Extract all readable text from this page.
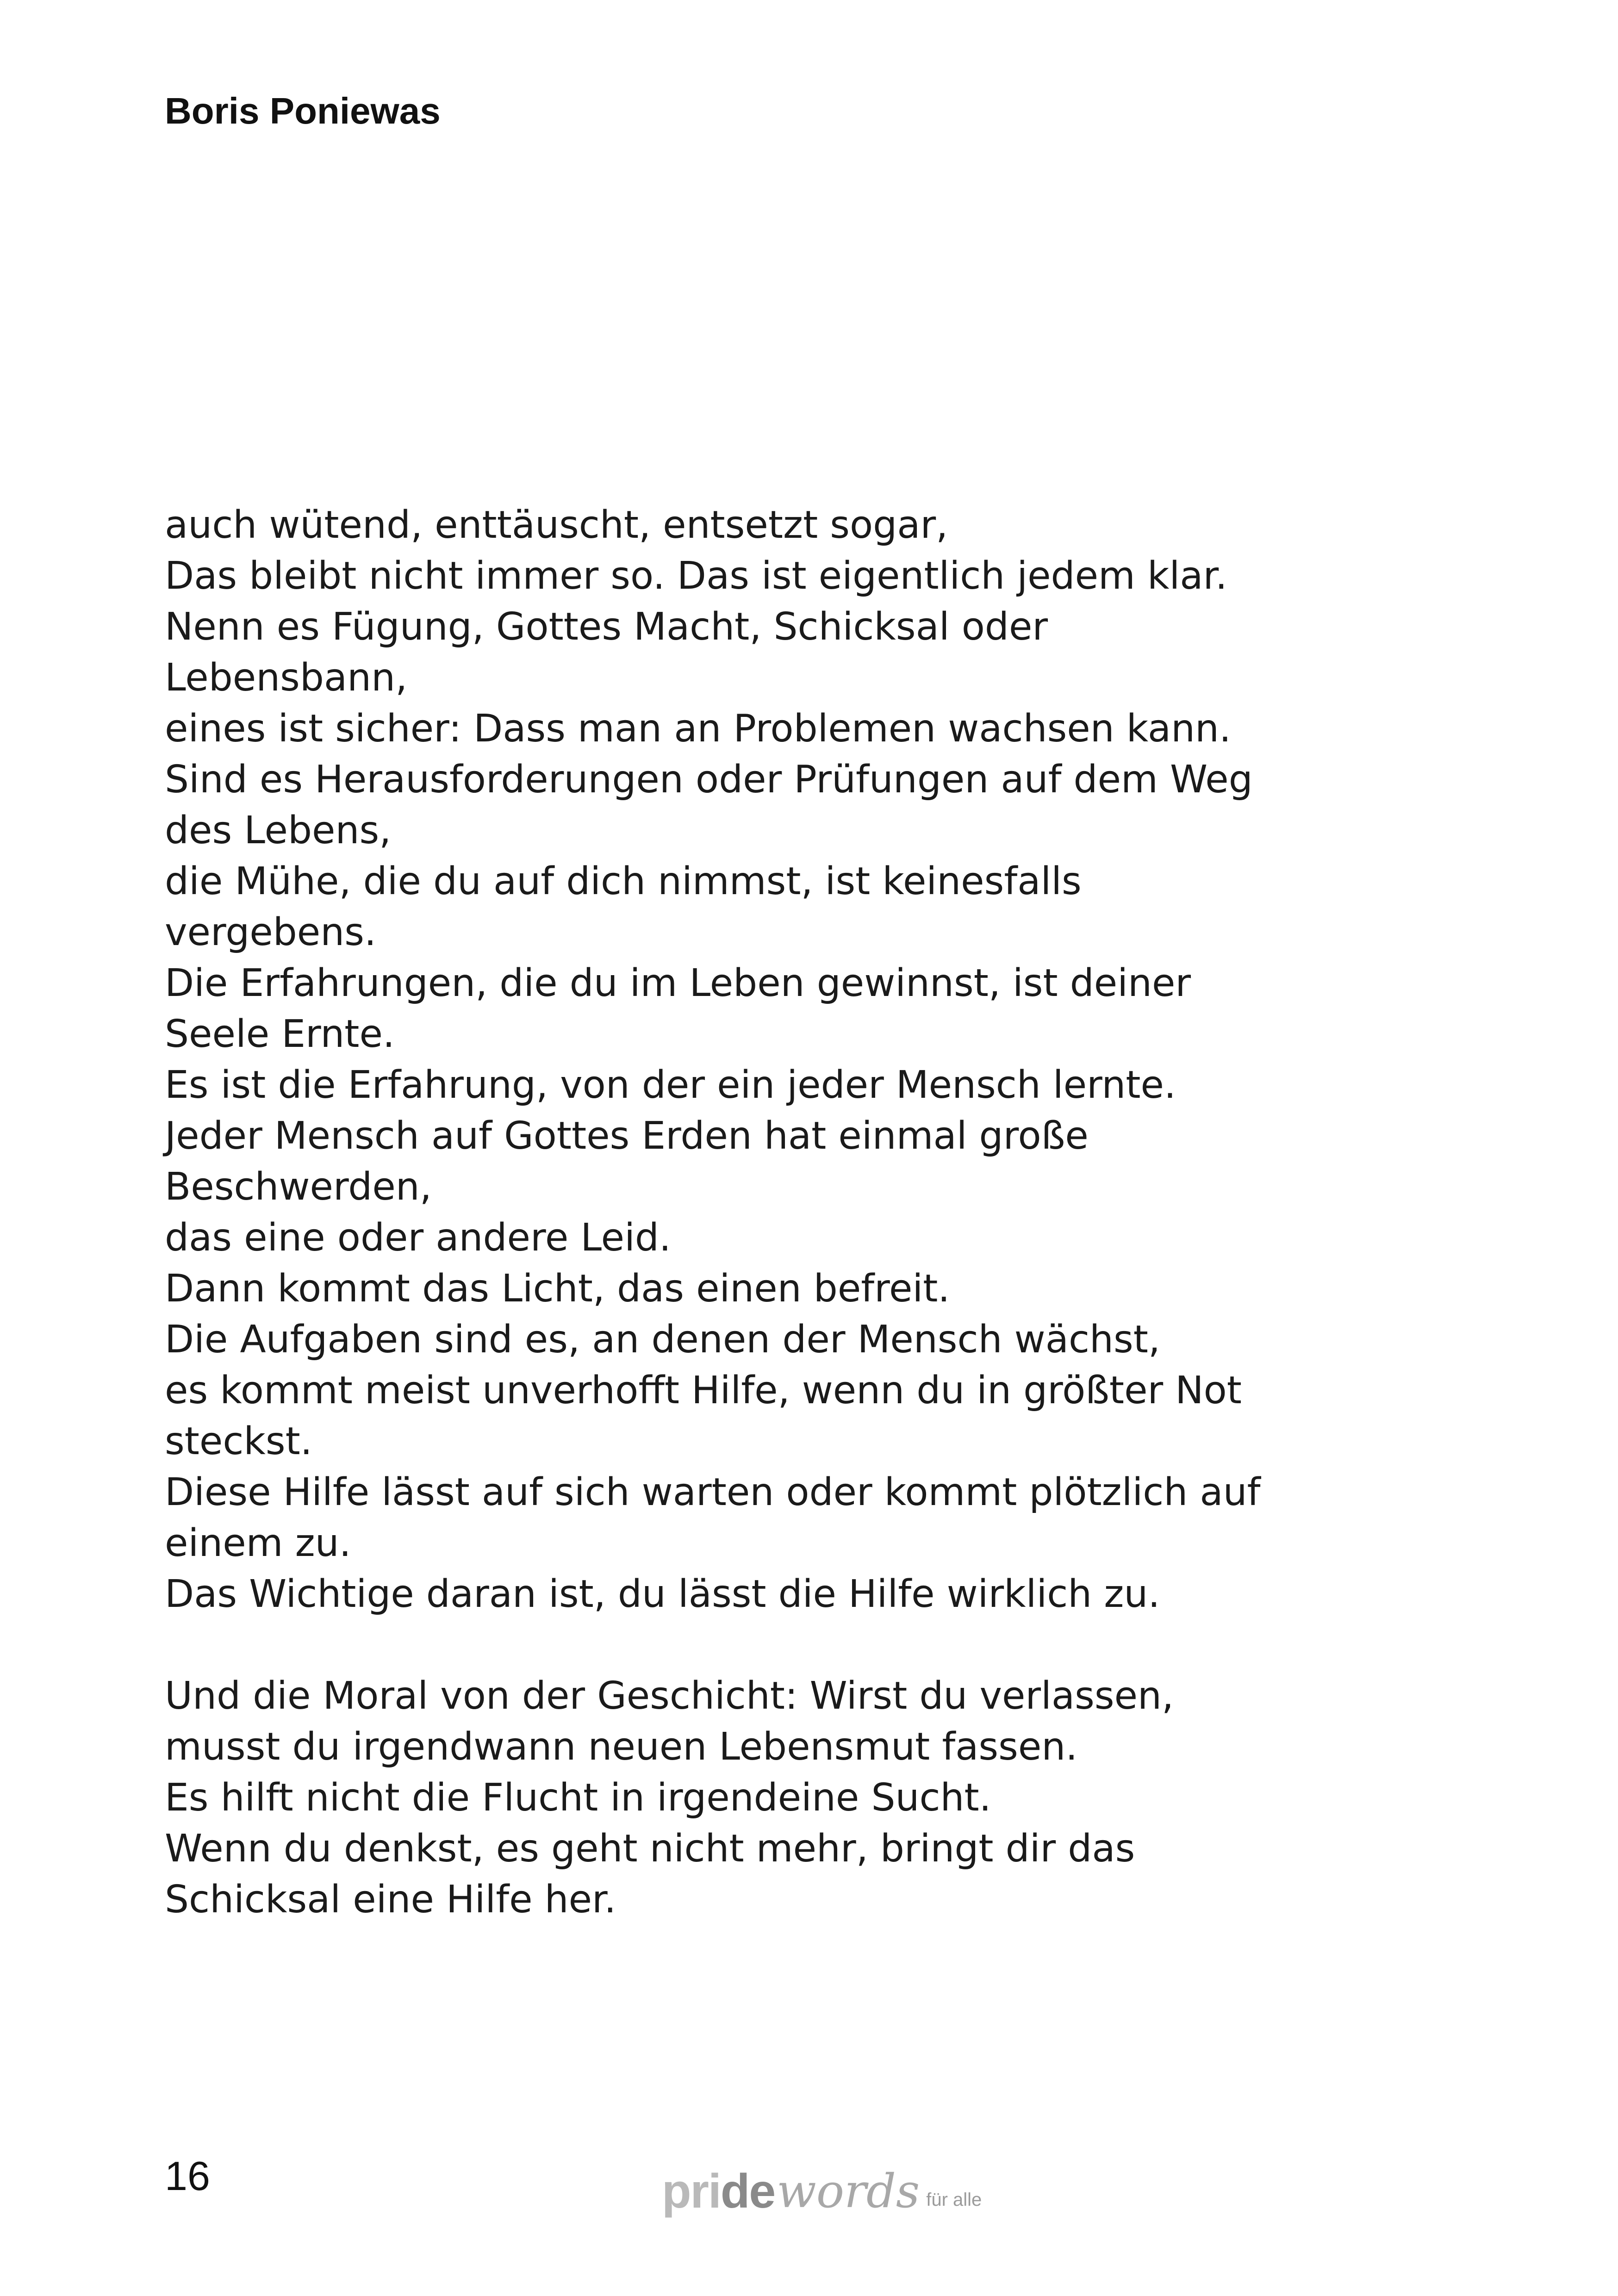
Boris Poniewas
auch wütend, enttäuscht, entsetzt sogar,
Das bleibt nicht immer so. Das ist eigentlich jedem klar.
Nenn es Fügung, Gottes Macht, Schicksal oder
Lebensbann,
eines ist sicher: Dass man an Problemen wachsen kann.
Sind es Herausforderungen oder Prüfungen auf dem Weg
des Lebens,
die Mühe, die du auf dich nimmst, ist keinesfalls
vergebens.
Die Erfahrungen, die du im Leben gewinnst, ist deiner
Seele Ernte.
Es ist die Erfahrung, von der ein jeder Mensch lernte.
Jeder Mensch auf Gottes Erden hat einmal große
Beschwerden,
das eine oder andere Leid.
Dann kommt das Licht, das einen befreit.
Die Aufgaben sind es, an denen der Mensch wächst,
es kommt meist unverhofft Hilfe, wenn du in größter Not
steckst.
Diese Hilfe lässt auf sich warten oder kommt plötzlich auf
einem zu.
Das Wichtige daran ist, du lässt die Hilfe wirklich zu.
Und die Moral von der Geschicht: Wirst du verlassen,
musst du irgendwann neuen Lebensmut fassen.
Es hilft nicht die Flucht in irgendeine Sucht.
Wenn du denkst, es geht nicht mehr, bringt dir das
Schicksal eine Hilfe her.
16	pride words für alle
